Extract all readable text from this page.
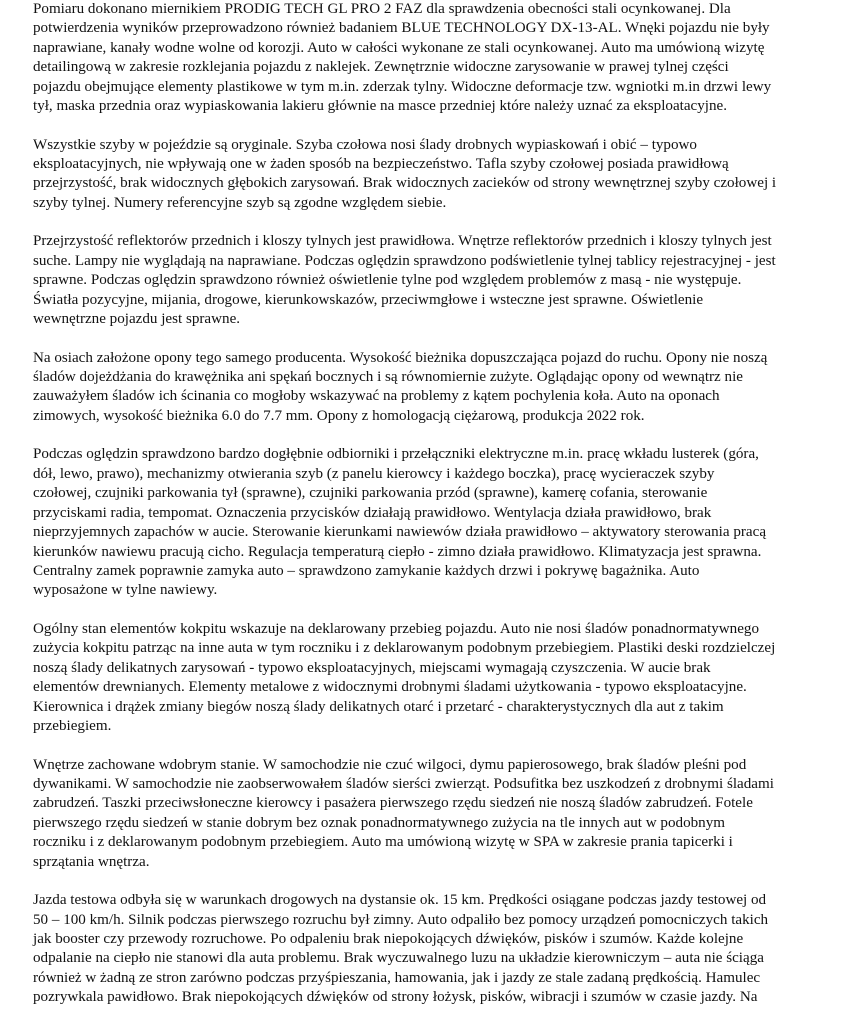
Pomiaru dokonano miernikiem PRODIG TECH GL PRO 2 FAZ dla sprawdzenia obecności stali ocynkowanej. Dla
potwierdzenia wyników przeprowadzono również badaniem BLUE TECHNOLOGY DX-13-AL. Wnęki pojazdu nie były
naprawiane, kanały wodne wolne od korozji. Auto w całości wykonane ze stali ocynkowanej. Auto ma umówioną wizytę
detailingową w zakresie rozklejania pojazdu z naklejek. Zewnętrznie widoczne zarysowanie w prawej tylnej części
pojazdu obejmujące elementy plastikowe w tym m.in. zderzak tylny. Widoczne deformacje tzw. wgniotki m.in drzwi lewy
tył, maska przednia oraz wypiaskowania lakieru głównie na masce przedniej które należy uznać za eksploatacyjne.
Wszystkie szyby w pojeździe są oryginale. Szyba czołowa nosi ślady drobnych wypiaskowań i obić – typowo
eksploatacyjnych, nie wpływają one w żaden sposób na bezpieczeństwo. Tafla szyby czołowej posiada prawidłową
przejrzystość, brak widocznych głębokich zarysowań. Brak widocznych zacieków od strony wewnętrznej szyby czołowej i
szyby tylnej. Numery referencyjne szyb są zgodne względem siebie.
Przejrzystość reflektorów przednich i kloszy tylnych jest prawidłowa. Wnętrze reflektorów przednich i kloszy tylnych jest
suche. Lampy nie wyglądają na naprawiane. Podczas oględzin sprawdzono podświetlenie tylnej tablicy rejestracyjnej - jest
sprawne. Podczas oględzin sprawdzono również oświetlenie tylne pod względem problemów z masą - nie występuje.
Światła pozycyjne, mijania, drogowe, kierunkowskazów, przeciwmgłowe i wsteczne jest sprawne. Oświetlenie
wewnętrzne pojazdu jest sprawne.
Na osiach założone opony tego samego producenta. Wysokość bieżnika dopuszczająca pojazd do ruchu. Opony nie noszą
śladów dojeżdżania do krawężnika ani spękań bocznych i są równomiernie zużyte. Oglądając opony od wewnątrz nie
zauważyłem śladów ich ścinania co mogłoby wskazywać na problemy z kątem pochylenia koła. Auto na oponach
zimowych, wysokość bieżnika 6.0 do 7.7 mm. Opony z homologacją ciężarową, produkcja 2022 rok.
Podczas oględzin sprawdzono bardzo dogłębnie odbiorniki i przełączniki elektryczne m.in. pracę wkładu lusterek (góra,
dół, lewo, prawo), mechanizmy otwierania szyb (z panelu kierowcy i każdego boczka), pracę wycieraczek szyby
czołowej, czujniki parkowania tył (sprawne), czujniki parkowania przód (sprawne), kamerę cofania, sterowanie
przyciskami radia, tempomat. Oznaczenia przycisków działają prawidłowo. Wentylacja działa prawidłowo, brak
nieprzyjemnych zapachów w aucie. Sterowanie kierunkami nawiewów działa prawidłowo – aktywatory sterowania pracą
kierunków nawiewu pracują cicho. Regulacja temperaturą ciepło - zimno działa prawidłowo. Klimatyzacja jest sprawna.
Centralny zamek poprawnie zamyka auto – sprawdzono zamykanie każdych drzwi i pokrywę bagażnika. Auto
wyposażone w tylne nawiewy.
Ogólny stan elementów kokpitu wskazuje na deklarowany przebieg pojazdu. Auto nie nosi śladów ponadnormatywnego
zużycia kokpitu patrząc na inne auta w tym roczniku i z deklarowanym podobnym przebiegiem. Plastiki deski rozdzielczej
noszą ślady delikatnych zarysowań - typowo eksploatacyjnych, miejscami wymagają czyszczenia. W aucie brak
elementów drewnianych. Elementy metalowe z widocznymi drobnymi śladami użytkowania - typowo eksploatacyjne.
Kierownica i drążek zmiany biegów noszą ślady delikatnych otarć i przetarć - charakterystycznych dla aut z takim
przebiegiem.
Wnętrze zachowane wdobrym stanie. W samochodzie nie czuć wilgoci, dymu papierosowego, brak śladów pleśni pod
dywanikami. W samochodzie nie zaobserwowałem śladów sierści zwierząt. Podsufitka bez uszkodzeń z drobnymi śladami
zabrudzeń. Taszki przeciwsłoneczne kierowcy i pasażera pierwszego rzędu siedzeń nie noszą śladów zabrudzeń. Fotele
pierwszego rzędu siedzeń w stanie dobrym bez oznak ponadnormatywnego zużycia na tle innych aut w podobnym
roczniku i z deklarowanym podobnym przebiegiem. Auto ma umówioną wizytę w SPA w zakresie prania tapicerki i
sprzątania wnętrza.
Jazda testowa odbyła się w warunkach drogowych na dystansie ok. 15 km. Prędkości osiągane podczas jazdy testowej od
50 – 100 km/h. Silnik podczas pierwszego rozruchu był zimny. Auto odpaliło bez pomocy urządzeń pomocniczych takich
jak booster czy przewody rozruchowe. Po odpaleniu brak niepokojących dźwięków, pisków i szumów. Każde kolejne
odpalanie na ciepło nie stanowi dla auta problemu. Brak wyczuwalnego luzu na układzie kierowniczym – auta nie ściąga
również w żadną ze stron zarówno podczas przyśpieszania, hamowania, jak i jazdy ze stale zadaną prędkością. Hamulec
pozrywkala pawidłowo. Brak niepokojących dźwięków od strony łożysk, pisków, wibracji i szumów w czasie jazdy. Na
